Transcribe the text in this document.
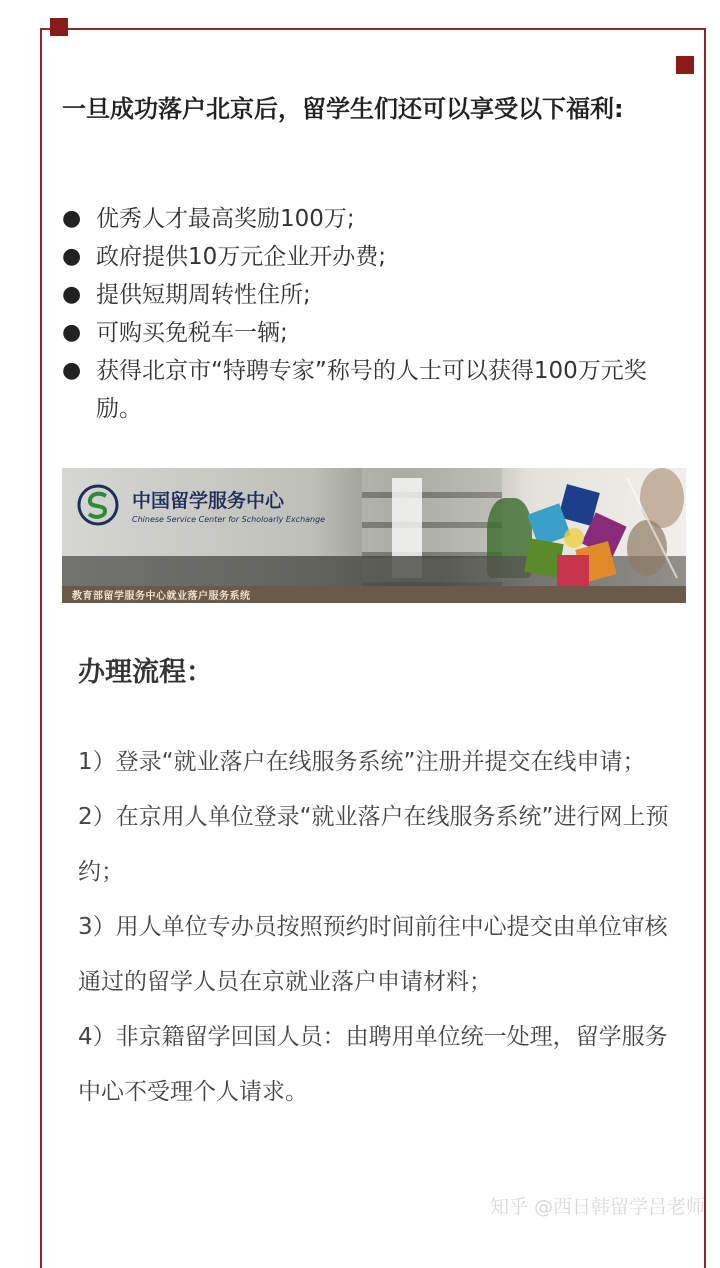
一旦成功落户北京后，留学生们还可以享受以下福利:

● 优秀人才最高奖励100万;
● 政府提供10万元企业开办费;
● 提供短期周转性住所;
● 可购买免税车一辆;
● 获得北京市“特聘专家”称号的人士可以获得100万元奖励。
中国留学服务中心
Chinese Service Center for Scholoarly Exchange
教育部留学服务中心就业落户服务系统
办理流程：
1）登录“就业落户在线服务系统”注册并提交在线申请；
2）在京用人单位登录“就业落户在线服务系统”进行网上预约；
3）用人单位专办员按照预约时间前往中心提交由单位审核通过的留学人员在京就业落户申请材料；
4）非京籍留学回国人员：由聘用单位统一处理，留学服务中心不受理个人请求。
知乎 @西日韩留学吕老师
